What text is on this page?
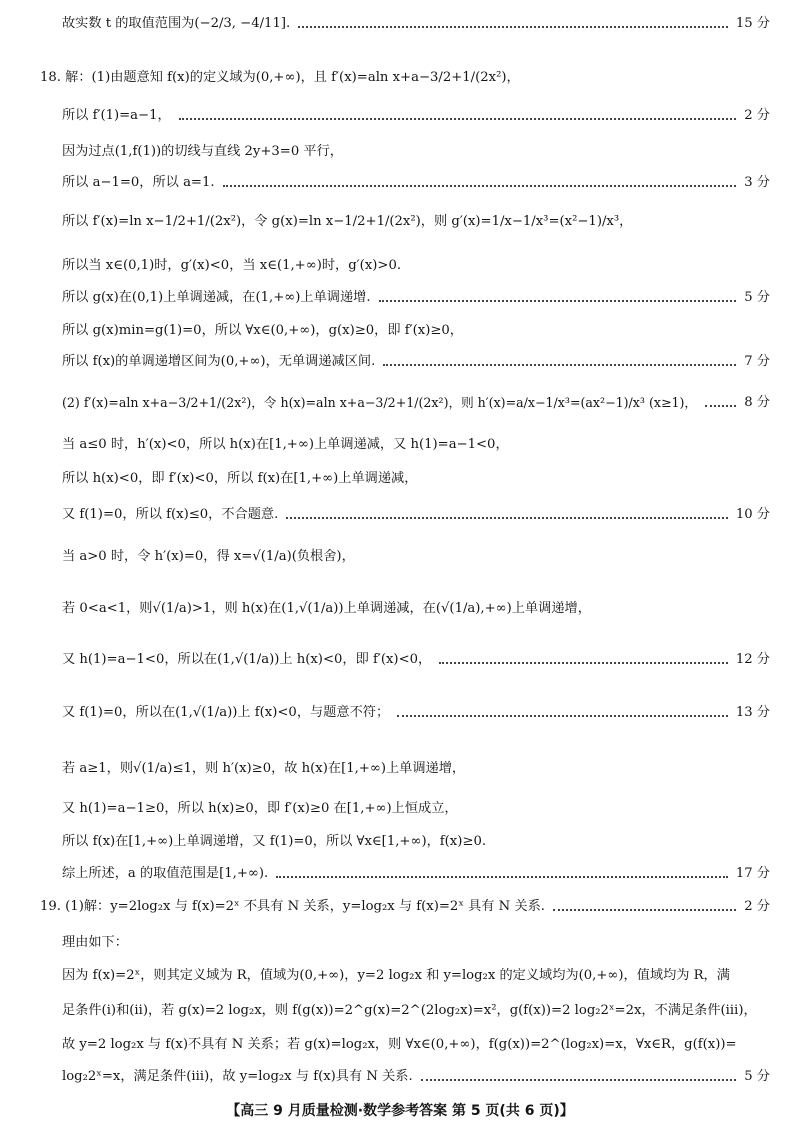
故实数 t 的取值范围为(−2/3, −4/11].	15 分
18. 解：(1)由题意知 f(x)的定义域为(0,+∞)，且 f′(x)=aln x+a−3/2+1/(2x²)，
所以 f′(1)=a−1，	2 分
因为过点(1,f(1))的切线与直线 2y+3=0 平行，
所以 a−1=0，所以 a=1.	3 分
所以 f′(x)=ln x−1/2+1/(2x²)，令 g(x)=ln x−1/2+1/(2x²)，则 g′(x)=1/x−1/x³=(x²−1)/x³，
所以当 x∈(0,1)时，g′(x)<0，当 x∈(1,+∞)时，g′(x)>0.
所以 g(x)在(0,1)上单调递减，在(1,+∞)上单调递增.	5 分
所以 g(x)min=g(1)=0，所以 ∀x∈(0,+∞)，g(x)≥0，即 f′(x)≥0，
所以 f(x)的单调递增区间为(0,+∞)，无单调递减区间.	7 分
(2) f′(x)=aln x+a−3/2+1/(2x²)，令 h(x)=aln x+a−3/2+1/(2x²)，则 h′(x)=a/x−1/x³=(ax²−1)/x³ (x≥1)，	8 分
当 a≤0 时，h′(x)<0，所以 h(x)在[1,+∞)上单调递减，又 h(1)=a−1<0，
所以 h(x)<0，即 f′(x)<0，所以 f(x)在[1,+∞)上单调递减，
又 f(1)=0，所以 f(x)≤0，不合题意.	10 分
当 a>0 时，令 h′(x)=0，得 x=√(1/a)(负根舍)，
若 0<a<1，则√(1/a)>1，则 h(x)在(1,√(1/a))上单调递减，在(√(1/a),+∞)上单调递增，
又 h(1)=a−1<0，所以在(1,√(1/a))上 h(x)<0，即 f′(x)<0，	12 分
又 f(1)=0，所以在(1,√(1/a))上 f(x)<0，与题意不符；	13 分
若 a≥1，则√(1/a)≤1，则 h′(x)≥0，故 h(x)在[1,+∞)上单调递增，
又 h(1)=a−1≥0，所以 h(x)≥0，即 f′(x)≥0 在[1,+∞)上恒成立，
所以 f(x)在[1,+∞)上单调递增，又 f(1)=0，所以 ∀x∈[1,+∞)，f(x)≥0.
综上所述，a 的取值范围是[1,+∞).	17 分
19. (1)解：y=2log₂x 与 f(x)=2ˣ 不具有 N 关系，y=log₂x 与 f(x)=2ˣ 具有 N 关系.	2 分
理由如下：
因为 f(x)=2ˣ，则其定义域为 R，值域为(0,+∞)，y=2 log₂x 和 y=log₂x 的定义域均为(0,+∞)，值域均为 R，满
足条件(ⅰ)和(ⅱ)，若 g(x)=2 log₂x，则 f(g(x))=2^g(x)=2^(2log₂x)=x²，g(f(x))=2 log₂2ˣ=2x，不满足条件(ⅲ)，
故 y=2 log₂x 与 f(x)不具有 N 关系；若 g(x)=log₂x，则 ∀x∈(0,+∞)，f(g(x))=2^(log₂x)=x，∀x∈R，g(f(x))=
log₂2ˣ=x，满足条件(ⅲ)，故 y=log₂x 与 f(x)具有 N 关系.	5 分
【高三 9 月质量检测·数学参考答案 第 5 页(共 6 页)】
